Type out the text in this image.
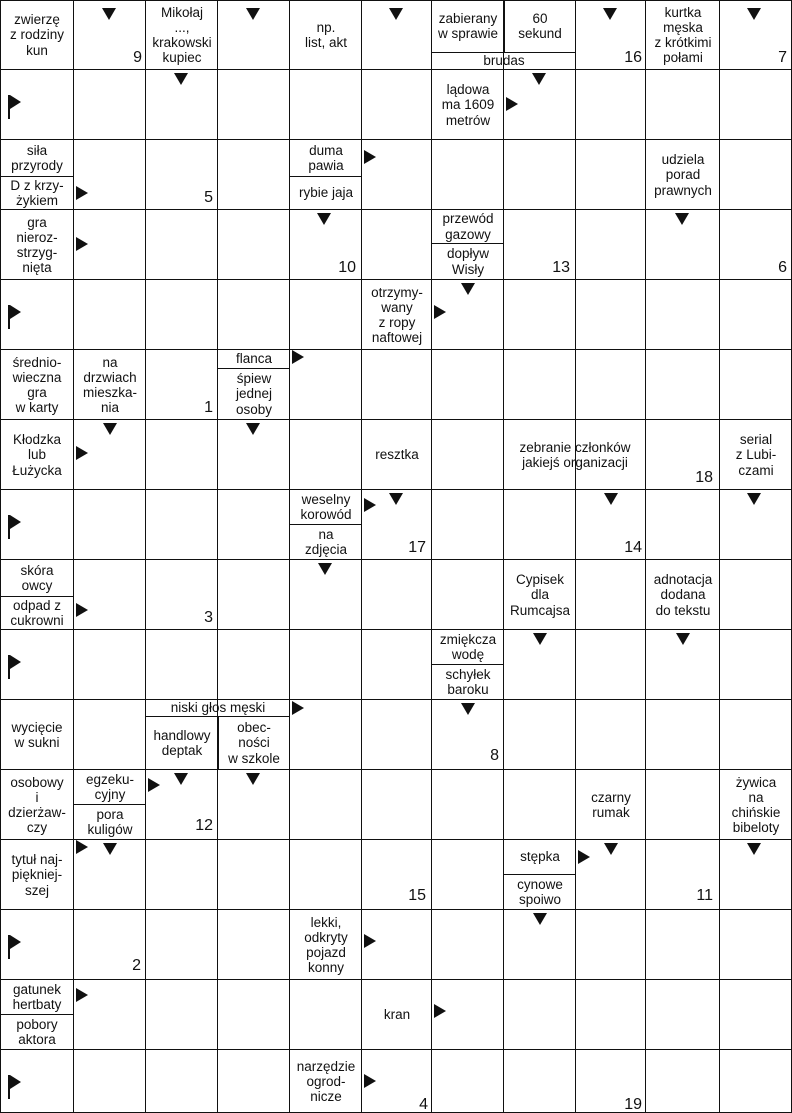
zwierzę
z rodziny
kun
Mikołaj
...,
krakowski
kupiec
np.
list, akt
zabierany
w sprawie
60
sekund
brudas
kurtka
męska
z krótkimi
połami
lądowa
ma 1609
metrów
siła
przyrody
D z krzy-
żykiem
duma
pawia
rybie jaja
udziela
porad
prawnych
gra
nieroz-
strzyg-
nięta
przewód
gazowy
dopływ
Wisły
otrzymy-
wany
z ropy
naftowej
średnio-
wieczna
gra
w karty
na
drzwiach
mieszka-
nia
flanca
śpiew
jednej
osoby
Kłodzka
lub
Łużycka
resztka
zebranie członków
jakiejś organizacji
serial
z Lubi-
czami
weselny
korowód
na
zdjęcia
skóra
owcy
odpad z
cukrowni
Cypisek
dla
Rumcajsa
adnotacja
dodana
do tekstu
zmiękcza
wodę
schyłek
baroku
niski głos męski
wycięcie
w sukni	handlowy
deptak
obec-
ności
w szkole
osobowy
i
dzierżaw-
czy
egzeku-
cyjny
pora
kuligów
czarny
rumak
żywica
na
chińskie
bibeloty
tytuł naj-
piękniej-
szej
stępka
cynowe
spoiwo
lekki,
odkryty
pojazd
konny
gatunek
hertbaty
pobory
aktora
kran
narzędzie
ogrod-
nicze
9	16	7
5
10	13	6
1
18
17	14
3
8
12
15	11
2
4	19
